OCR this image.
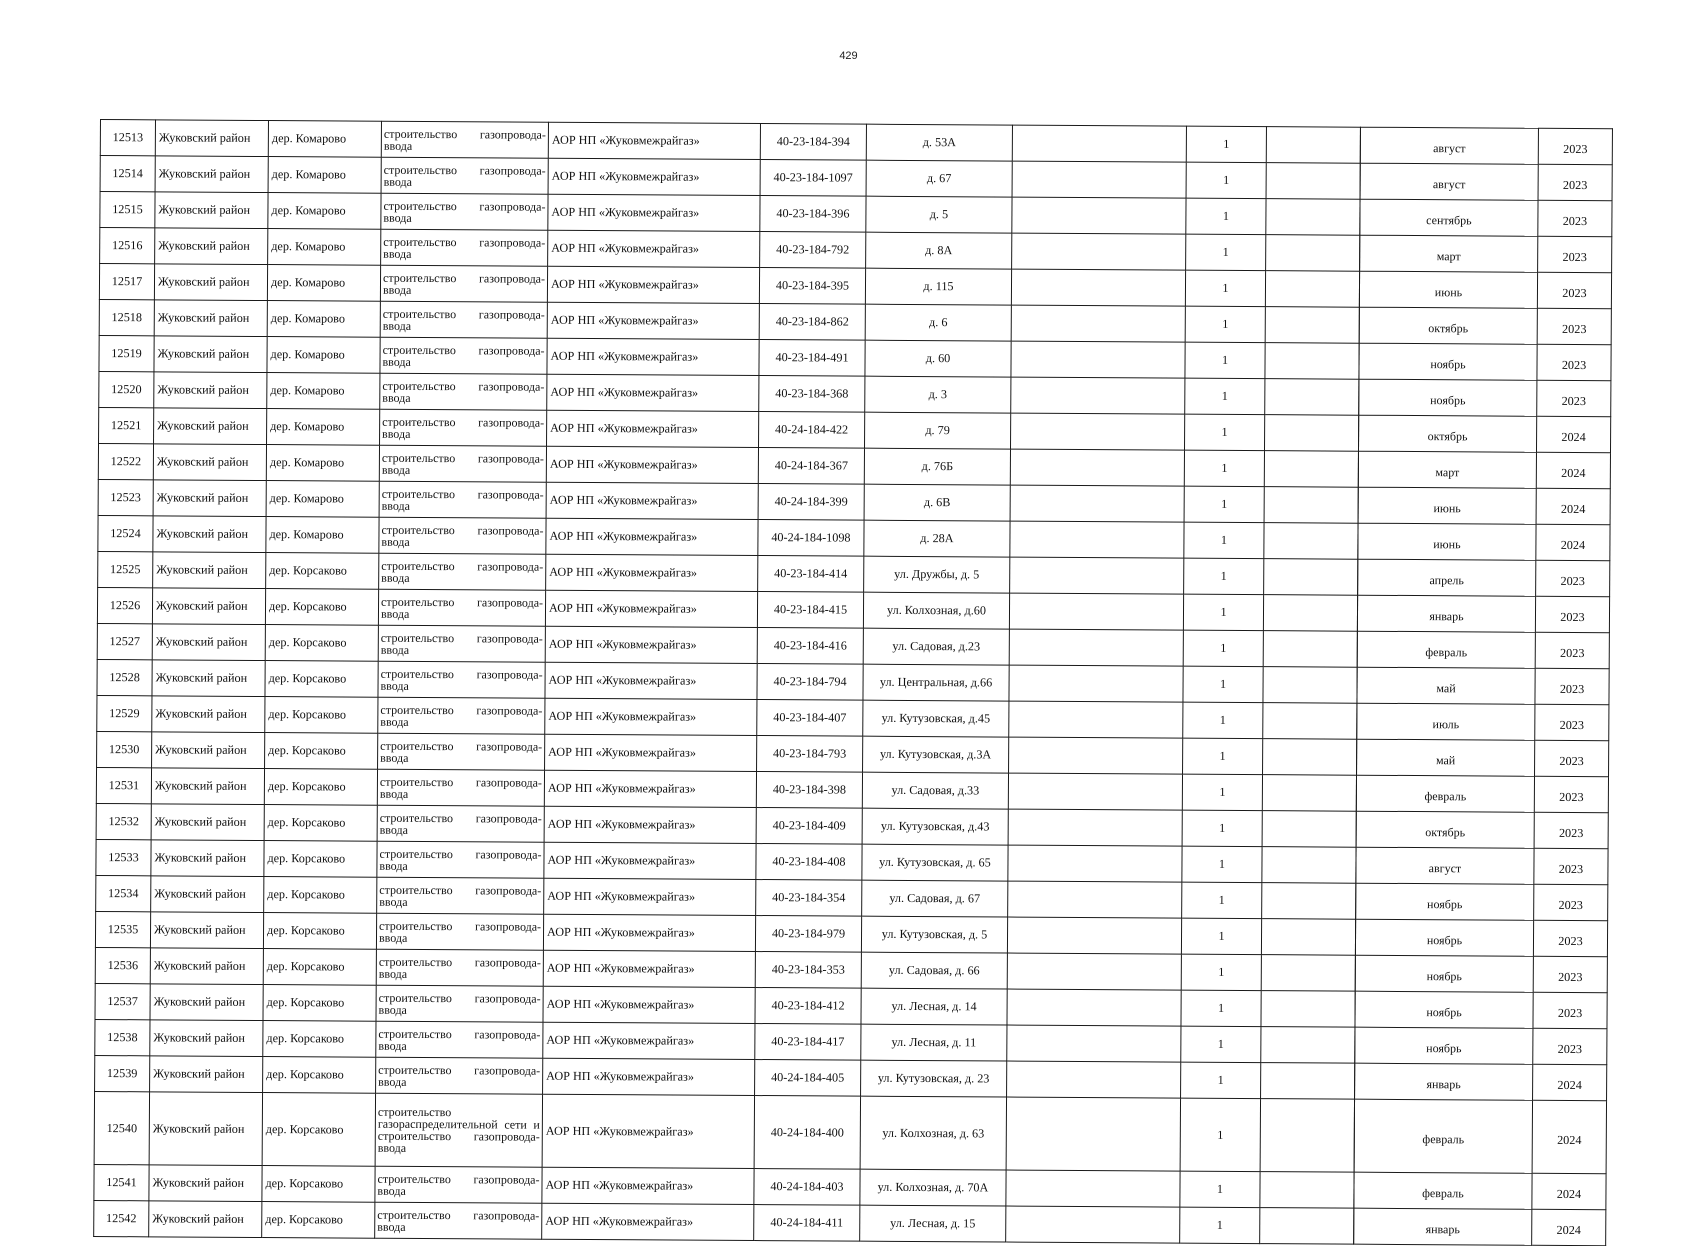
429
12513	Жуковский район	дер. Комарово	строительство газопровода-ввода	АОР НП «Жуковмежрайгаз»	40-23-184-394	д. 53А		1			август	2023
12514	Жуковский район	дер. Комарово	строительство газопровода-ввода	АОР НП «Жуковмежрайгаз»	40-23-184-1097	д. 67		1			август	2023
12515	Жуковский район	дер. Комарово	строительство газопровода-ввода	АОР НП «Жуковмежрайгаз»	40-23-184-396	д. 5		1			сентябрь	2023
12516	Жуковский район	дер. Комарово	строительство газопровода-ввода	АОР НП «Жуковмежрайгаз»	40-23-184-792	д. 8А		1			март	2023
12517	Жуковский район	дер. Комарово	строительство газопровода-ввода	АОР НП «Жуковмежрайгаз»	40-23-184-395	д. 115		1			июнь	2023
12518	Жуковский район	дер. Комарово	строительство газопровода-ввода	АОР НП «Жуковмежрайгаз»	40-23-184-862	д. 6		1			октябрь	2023
12519	Жуковский район	дер. Комарово	строительство газопровода-ввода	АОР НП «Жуковмежрайгаз»	40-23-184-491	д. 60		1			ноябрь	2023
12520	Жуковский район	дер. Комарово	строительство газопровода-ввода	АОР НП «Жуковмежрайгаз»	40-23-184-368	д. 3		1			ноябрь	2023
12521	Жуковский район	дер. Комарово	строительство газопровода-ввода	АОР НП «Жуковмежрайгаз»	40-24-184-422	д. 79		1			октябрь	2024
12522	Жуковский район	дер. Комарово	строительство газопровода-ввода	АОР НП «Жуковмежрайгаз»	40-24-184-367	д. 76Б		1			март	2024
12523	Жуковский район	дер. Комарово	строительство газопровода-ввода	АОР НП «Жуковмежрайгаз»	40-24-184-399	д. 6В		1			июнь	2024
12524	Жуковский район	дер. Комарово	строительство газопровода-ввода	АОР НП «Жуковмежрайгаз»	40-24-184-1098	д. 28А		1			июнь	2024
12525	Жуковский район	дер. Корсаково	строительство газопровода-ввода	АОР НП «Жуковмежрайгаз»	40-23-184-414	ул. Дружбы, д. 5		1			апрель	2023
12526	Жуковский район	дер. Корсаково	строительство газопровода-ввода	АОР НП «Жуковмежрайгаз»	40-23-184-415	ул. Колхозная, д.60		1			январь	2023
12527	Жуковский район	дер. Корсаково	строительство газопровода-ввода	АОР НП «Жуковмежрайгаз»	40-23-184-416	ул. Садовая, д.23		1			февраль	2023
12528	Жуковский район	дер. Корсаково	строительство газопровода-ввода	АОР НП «Жуковмежрайгаз»	40-23-184-794	ул. Центральная, д.66		1			май	2023
12529	Жуковский район	дер. Корсаково	строительство газопровода-ввода	АОР НП «Жуковмежрайгаз»	40-23-184-407	ул. Кутузовская, д.45		1			июль	2023
12530	Жуковский район	дер. Корсаково	строительство газопровода-ввода	АОР НП «Жуковмежрайгаз»	40-23-184-793	ул. Кутузовская, д.3А		1			май	2023
12531	Жуковский район	дер. Корсаково	строительство газопровода-ввода	АОР НП «Жуковмежрайгаз»	40-23-184-398	ул. Садовая, д.33		1			февраль	2023
12532	Жуковский район	дер. Корсаково	строительство газопровода-ввода	АОР НП «Жуковмежрайгаз»	40-23-184-409	ул. Кутузовская, д.43		1			октябрь	2023
12533	Жуковский район	дер. Корсаково	строительство газопровода-ввода	АОР НП «Жуковмежрайгаз»	40-23-184-408	ул. Кутузовская, д. 65		1			август	2023
12534	Жуковский район	дер. Корсаково	строительство газопровода-ввода	АОР НП «Жуковмежрайгаз»	40-23-184-354	ул. Садовая, д. 67		1			ноябрь	2023
12535	Жуковский район	дер. Корсаково	строительство газопровода-ввода	АОР НП «Жуковмежрайгаз»	40-23-184-979	ул. Кутузовская, д. 5		1			ноябрь	2023
12536	Жуковский район	дер. Корсаково	строительство газопровода-ввода	АОР НП «Жуковмежрайгаз»	40-23-184-353	ул. Садовая, д. 66		1			ноябрь	2023
12537	Жуковский район	дер. Корсаково	строительство газопровода-ввода	АОР НП «Жуковмежрайгаз»	40-23-184-412	ул. Лесная, д. 14		1			ноябрь	2023
12538	Жуковский район	дер. Корсаково	строительство газопровода-ввода	АОР НП «Жуковмежрайгаз»	40-23-184-417	ул. Лесная, д. 11		1			ноябрь	2023
12539	Жуковский район	дер. Корсаково	строительство газопровода-ввода	АОР НП «Жуковмежрайгаз»	40-24-184-405	ул. Кутузовская, д. 23		1			январь	2024
12540	Жуковский район	дер. Корсаково	строительство газораспределительной сети и строительство газопровода-ввода	АОР НП «Жуковмежрайгаз»	40-24-184-400	ул. Колхозная, д. 63		1			февраль	2024
12541	Жуковский район	дер. Корсаково	строительство газопровода-ввода	АОР НП «Жуковмежрайгаз»	40-24-184-403	ул. Колхозная, д. 70А		1			февраль	2024
12542	Жуковский район	дер. Корсаково	строительство газопровода-ввода	АОР НП «Жуковмежрайгаз»	40-24-184-411	ул. Лесная, д. 15		1			январь	2024
